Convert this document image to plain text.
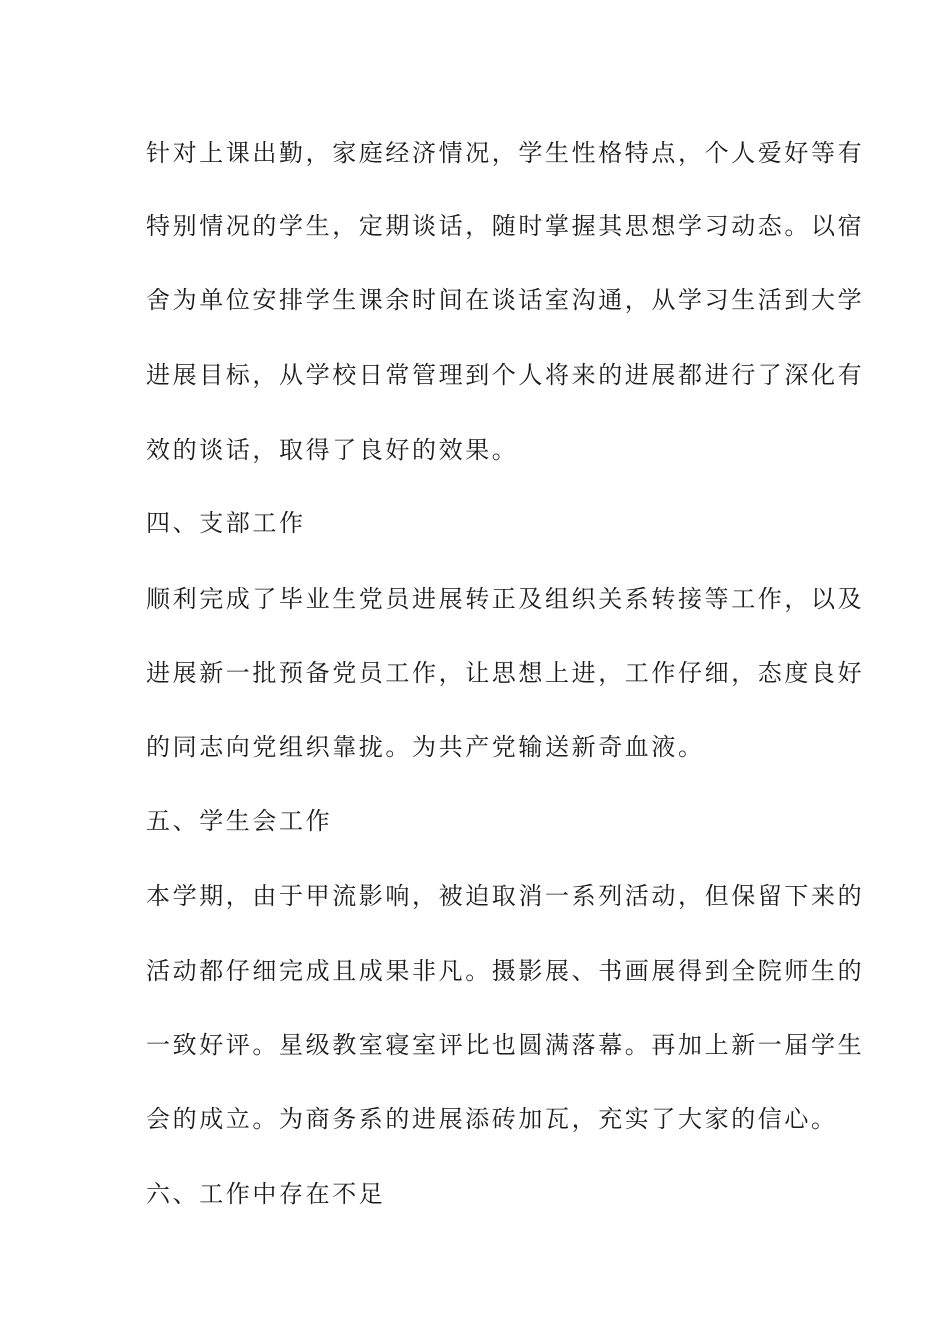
针对上课出勤，家庭经济情况，学生性格特点，个人爱好等有
特别情况的学生，定期谈话，随时掌握其思想学习动态。以宿
舍为单位安排学生课余时间在谈话室沟通，从学习生活到大学
进展目标，从学校日常管理到个人将来的进展都进行了深化有
效的谈话，取得了良好的效果。
四、支部工作
顺利完成了毕业生党员进展转正及组织关系转接等工作，以及
进展新一批预备党员工作，让思想上进，工作仔细，态度良好
的同志向党组织靠拢。为共产党输送新奇血液。
五、学生会工作
本学期，由于甲流影响，被迫取消一系列活动，但保留下来的
活动都仔细完成且成果非凡。摄影展、书画展得到全院师生的
一致好评。星级教室寝室评比也圆满落幕。再加上新一届学生
会的成立。为商务系的进展添砖加瓦，充实了大家的信心。
六、工作中存在不足
